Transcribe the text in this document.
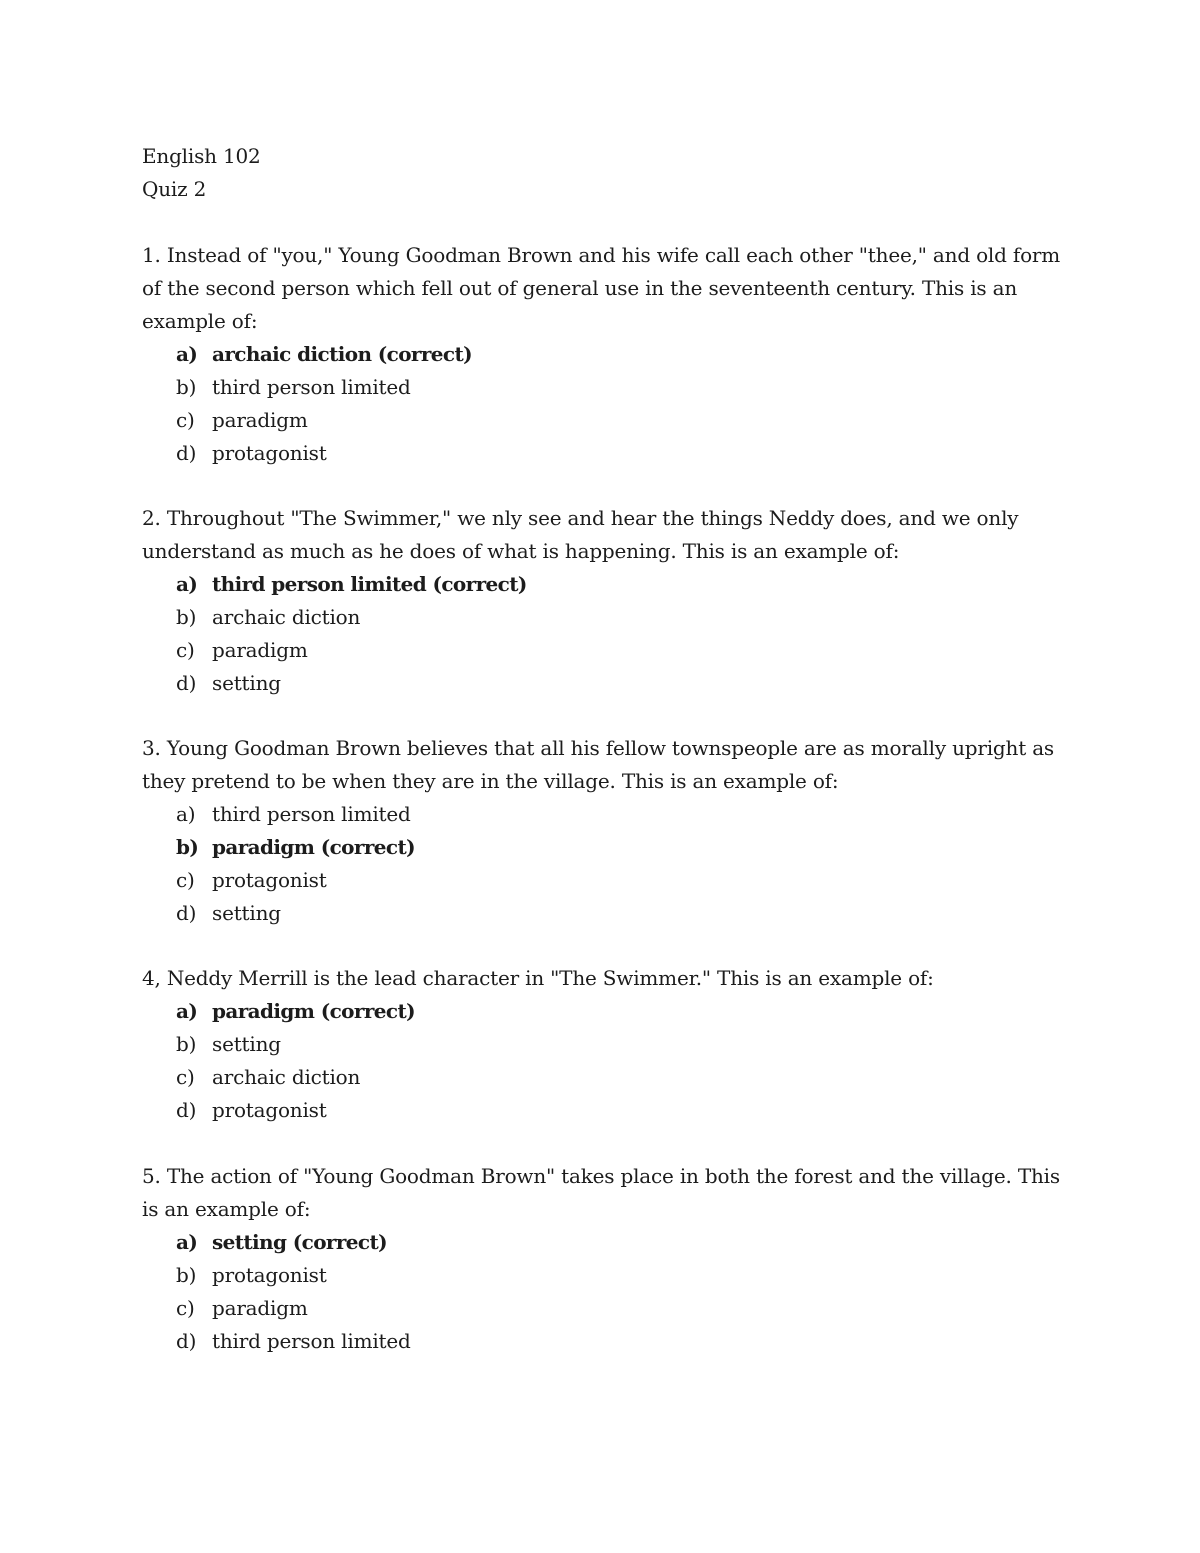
English 102
Quiz 2
1. Instead of "you," Young Goodman Brown and his wife call each other "thee," and old form of the second person which fell out of general use in the seventeenth century. This is an example of:
a) archaic diction (correct)
b) third person limited
c) paradigm
d) protagonist
2. Throughout "The Swimmer," we nly see and hear the things Neddy does, and we only understand as much as he does of what is happening. This is an example of:
a) third person limited (correct)
b) archaic diction
c) paradigm
d) setting
3. Young Goodman Brown believes that all his fellow townspeople are as morally upright as they pretend to be when they are in the village. This is an example of:
a) third person limited
b) paradigm (correct)
c) protagonist
d) setting
4, Neddy Merrill is the lead character in "The Swimmer." This is an example of:
a) paradigm (correct)
b) setting
c) archaic diction
d) protagonist
5. The action of "Young Goodman Brown" takes place in both the forest and the village. This is an example of:
a) setting (correct)
b) protagonist
c) paradigm
d) third person limited
